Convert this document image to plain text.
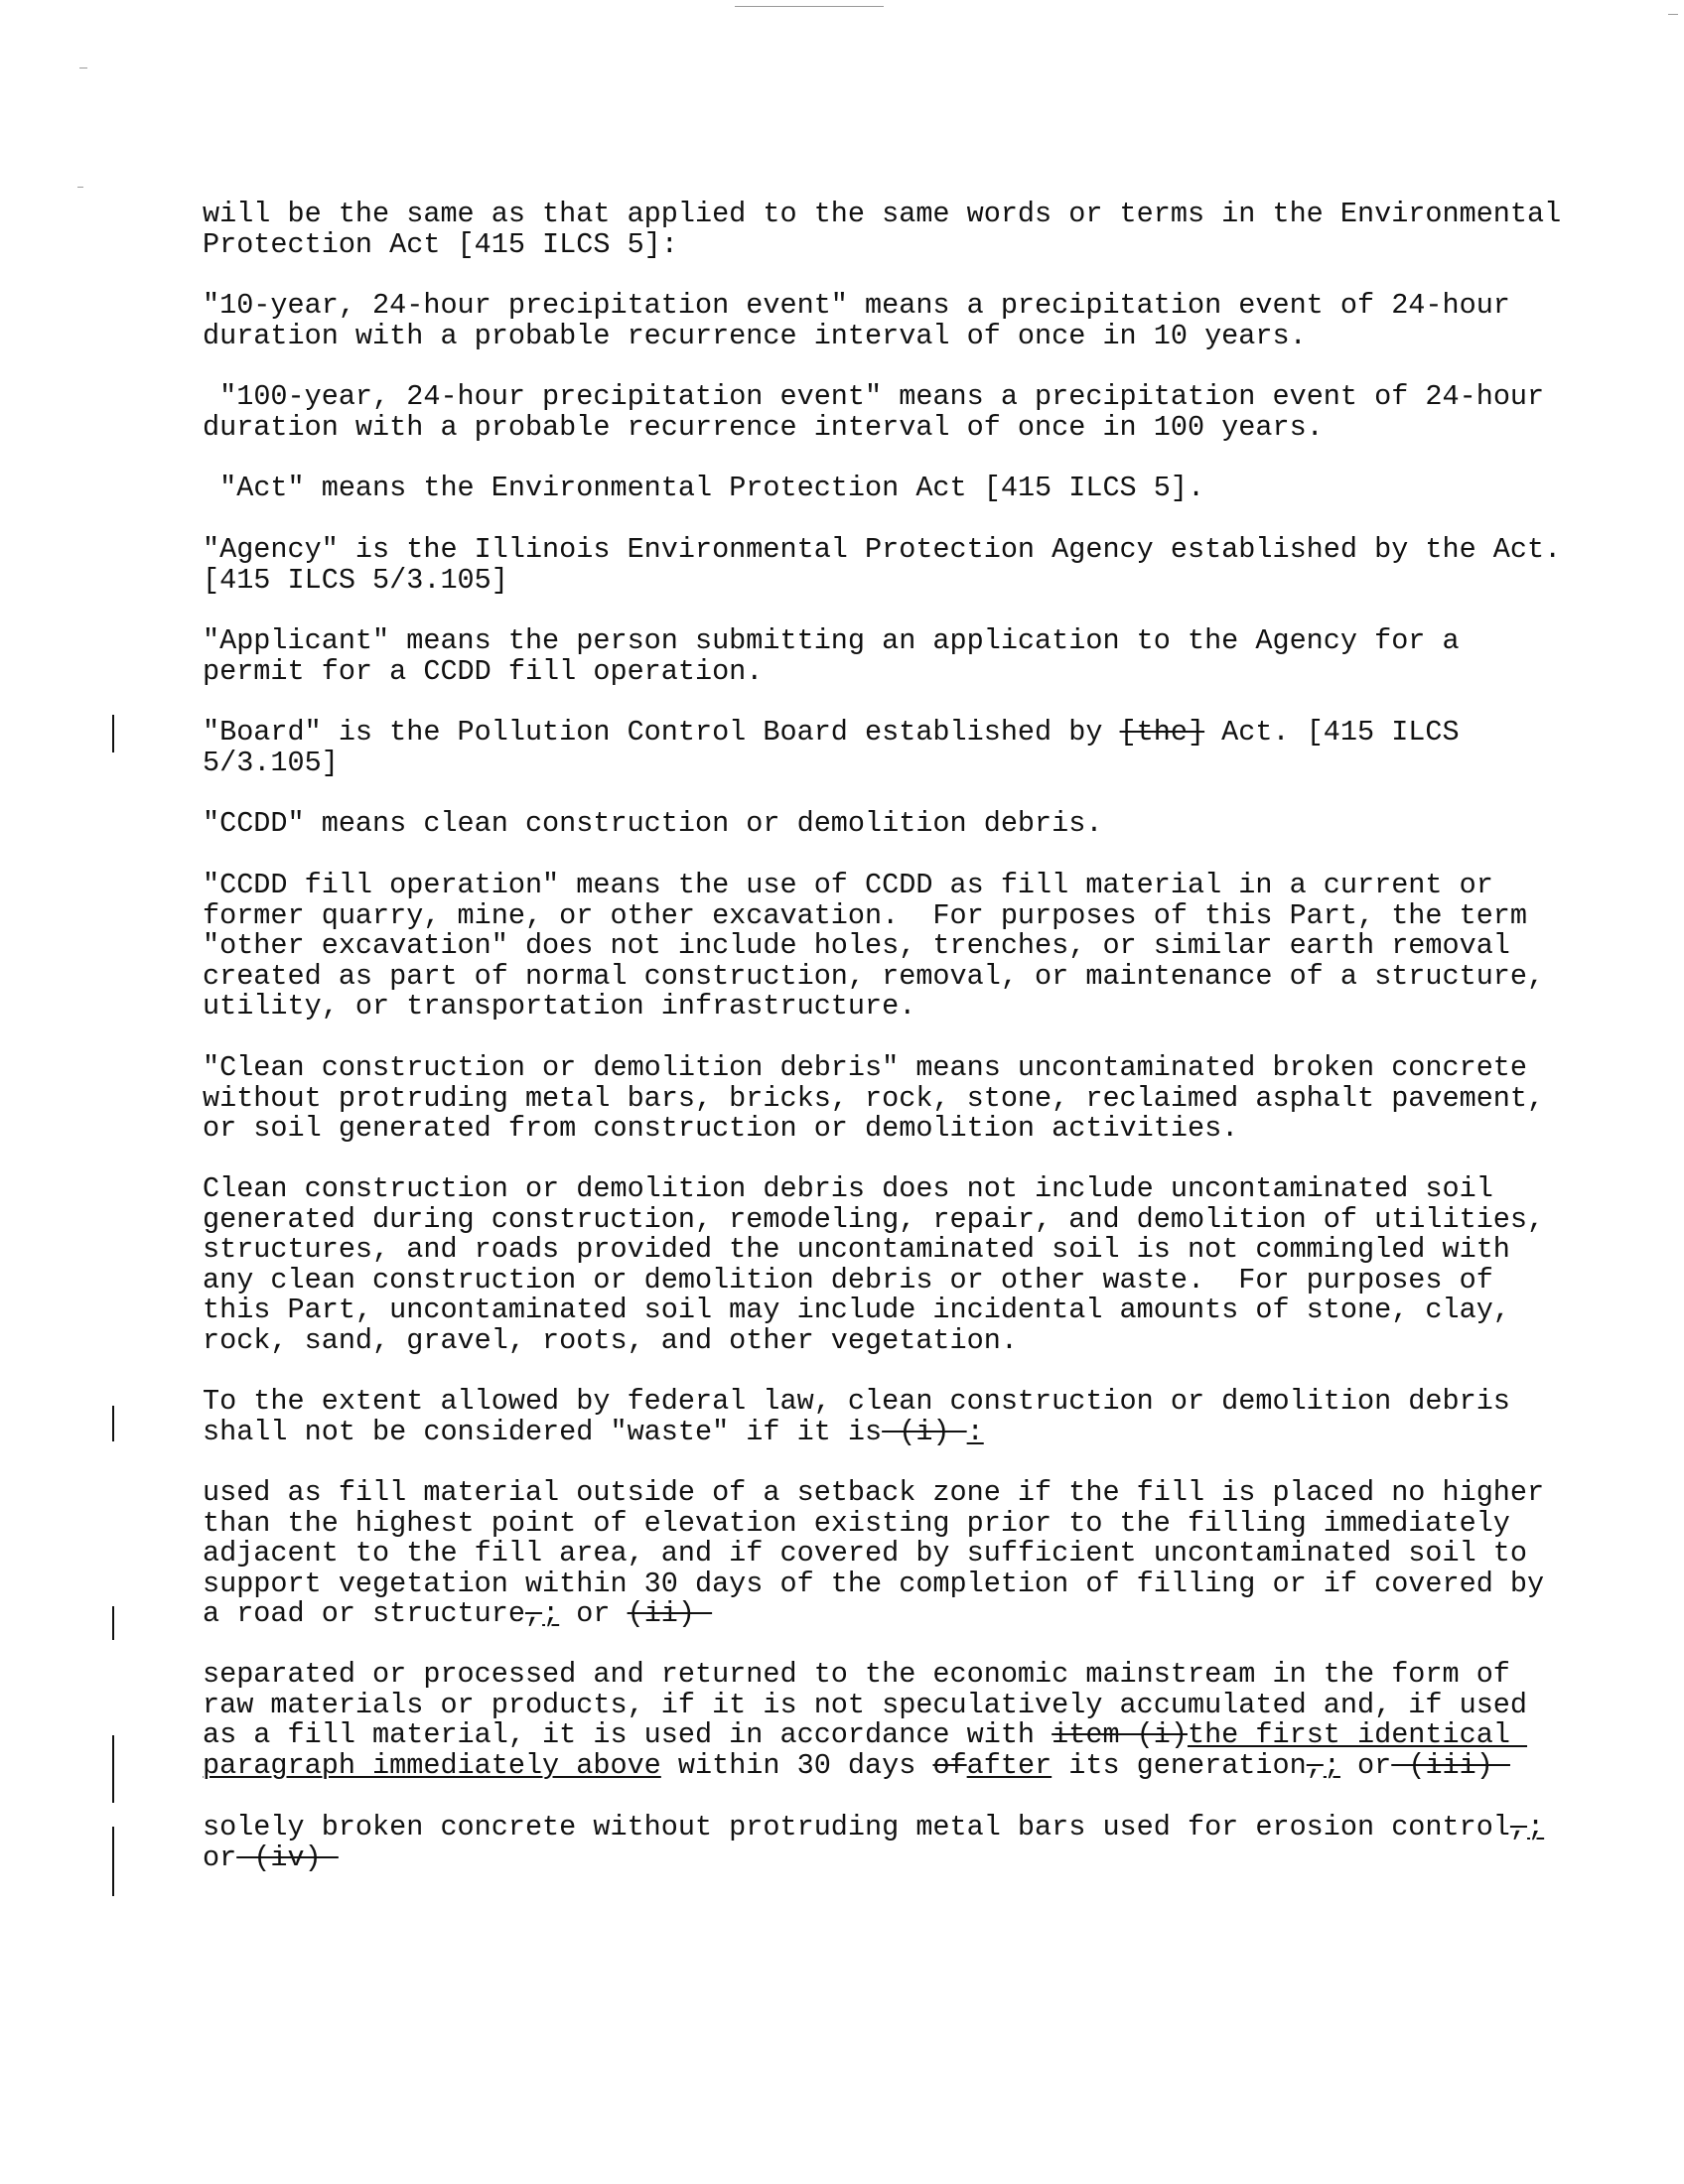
will be the same as that applied to the same words or terms in the Environmental
Protection Act [415 ILCS 5]:
"10-year, 24-hour precipitation event" means a precipitation event of 24-hour
duration with a probable recurrence interval of once in 10 years.
"100-year, 24-hour precipitation event" means a precipitation event of 24-hour
duration with a probable recurrence interval of once in 100 years.
"Act" means the Environmental Protection Act [415 ILCS 5].
"Agency" is the Illinois Environmental Protection Agency established by the Act.
[415 ILCS 5/3.105]
"Applicant" means the person submitting an application to the Agency for a
permit for a CCDD fill operation.
"Board" is the Pollution Control Board established by [the] Act. [415 ILCS
5/3.105]
"CCDD" means clean construction or demolition debris.
"CCDD fill operation" means the use of CCDD as fill material in a current or
former quarry, mine, or other excavation.  For purposes of this Part, the term
"other excavation" does not include holes, trenches, or similar earth removal
created as part of normal construction, removal, or maintenance of a structure,
utility, or transportation infrastructure.
"Clean construction or demolition debris" means uncontaminated broken concrete
without protruding metal bars, bricks, rock, stone, reclaimed asphalt pavement,
or soil generated from construction or demolition activities.
Clean construction or demolition debris does not include uncontaminated soil
generated during construction, remodeling, repair, and demolition of utilities,
structures, and roads provided the uncontaminated soil is not commingled with
any clean construction or demolition debris or other waste.  For purposes of
this Part, uncontaminated soil may include incidental amounts of stone, clay,
rock, sand, gravel, roots, and other vegetation.
To the extent allowed by federal law, clean construction or demolition debris
shall not be considered "waste" if it is (i) :
used as fill material outside of a setback zone if the fill is placed no higher
than the highest point of elevation existing prior to the filling immediately
adjacent to the fill area, and if covered by sufficient uncontaminated soil to
support vegetation within 30 days of the completion of filling or if covered by
a road or structure,; or (ii)
separated or processed and returned to the economic mainstream in the form of
raw materials or products, if it is not speculatively accumulated and, if used
as a fill material, it is used in accordance with item (i)the first identical
paragraph immediately above within 30 days ofafter its generation,; or (iii)
solely broken concrete without protruding metal bars used for erosion control,;
or (iv)
